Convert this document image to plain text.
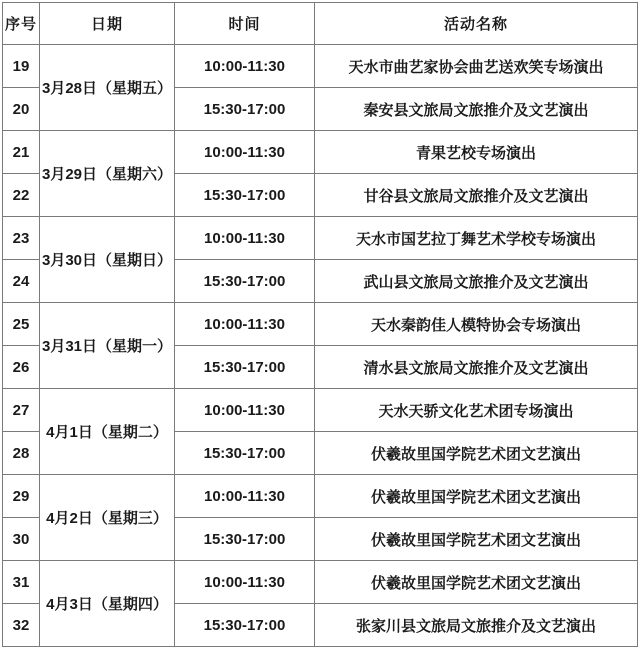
序号	日期	时间	活动名称
19	3月28日（星期五）	10:00-11:30	天水市曲艺家协会曲艺送欢笑专场演出
20		15:30-17:00	秦安县文旅局文旅推介及文艺演出
21	3月29日（星期六）	10:00-11:30	青果艺校专场演出
22		15:30-17:00	甘谷县文旅局文旅推介及文艺演出
23	3月30日（星期日）	10:00-11:30	天水市国艺拉丁舞艺术学校专场演出
24		15:30-17:00	武山县文旅局文旅推介及文艺演出
25	3月31日（星期一）	10:00-11:30	天水秦韵佳人模特协会专场演出
26		15:30-17:00	清水县文旅局文旅推介及文艺演出
27	4月1日（星期二）	10:00-11:30	天水天骄文化艺术团专场演出
28		15:30-17:00	伏羲故里国学院艺术团文艺演出
29	4月2日（星期三）	10:00-11:30	伏羲故里国学院艺术团文艺演出
30		15:30-17:00	伏羲故里国学院艺术团文艺演出
31	4月3日（星期四）	10:00-11:30	伏羲故里国学院艺术团文艺演出
32		15:30-17:00	张家川县文旅局文旅推介及文艺演出
